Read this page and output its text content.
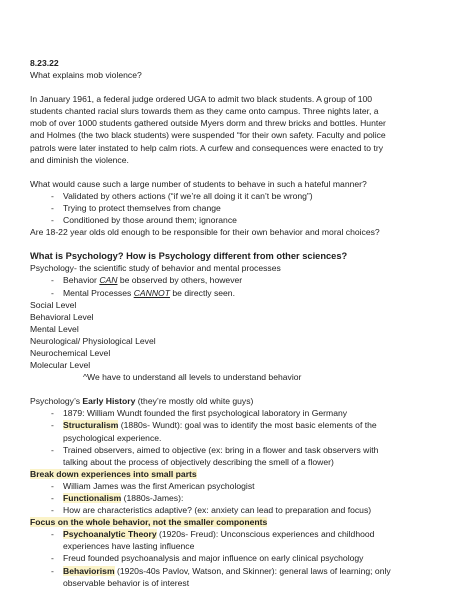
8.23.22

What explains mob violence?

In January 1961, a federal judge ordered UGA to admit two black students. A group of 100

students chanted racial slurs towards them as they came onto campus. Three nights later, a

mob of over 1000 students gathered outside Myers dorm and threw bricks and bottles. Hunter

and Holmes (the two black students) were suspended “for their own safety. Faculty and police

patrols were later instated to help calm riots. A curfew and consequences were enacted to try

and diminish the violence.

What would cause such a large number of students to behave in such a hateful manner?

- Validated by others actions (“if we’re all doing it it can’t be wrong”)
- Trying to protect themselves from change
- Conditioned by those around them; ignorance

Are 18-22 year olds old enough to be responsible for their own behavior and moral choices?

What is Psychology? How is Psychology different from other sciences?

Psychology- the scientific study of behavior and mental processes

- Behavior CAN be observed by others, however
- Mental Processes CANNOT be directly seen.

Social Level

Behavioral Level

Mental Level

Neurological/ Physiological Level

Neurochemical Level

Molecular Level

^We have to understand all levels to understand behavior

Psychology’s Early History (they’re mostly old white guys)

- 1879: William Wundt founded the first psychological laboratory in Germany
- Structuralism (1880s- Wundt): goal was to identify the most basic elements of the
psychological experience.
- Trained observers, aimed to objective (ex: bring in a flower and task observers with
talking about the process of objectively describing the smell of a flower)

Break down experiences into small parts

- William James was the first American psychologist
- Functionalism (1880s-James):
- How are characteristics adaptive? (ex: anxiety can lead to preparation and focus)

Focus on the whole behavior, not the smaller components

- Psychoanalytic Theory (1920s- Freud): Unconscious experiences and childhood
experiences have lasting influence
- Freud founded psychoanalysis and major influence on early clinical psychology
- Behaviorism (1920s-40s Pavlov, Watson, and Skinner): general laws of learning; only
observable behavior is of interest
